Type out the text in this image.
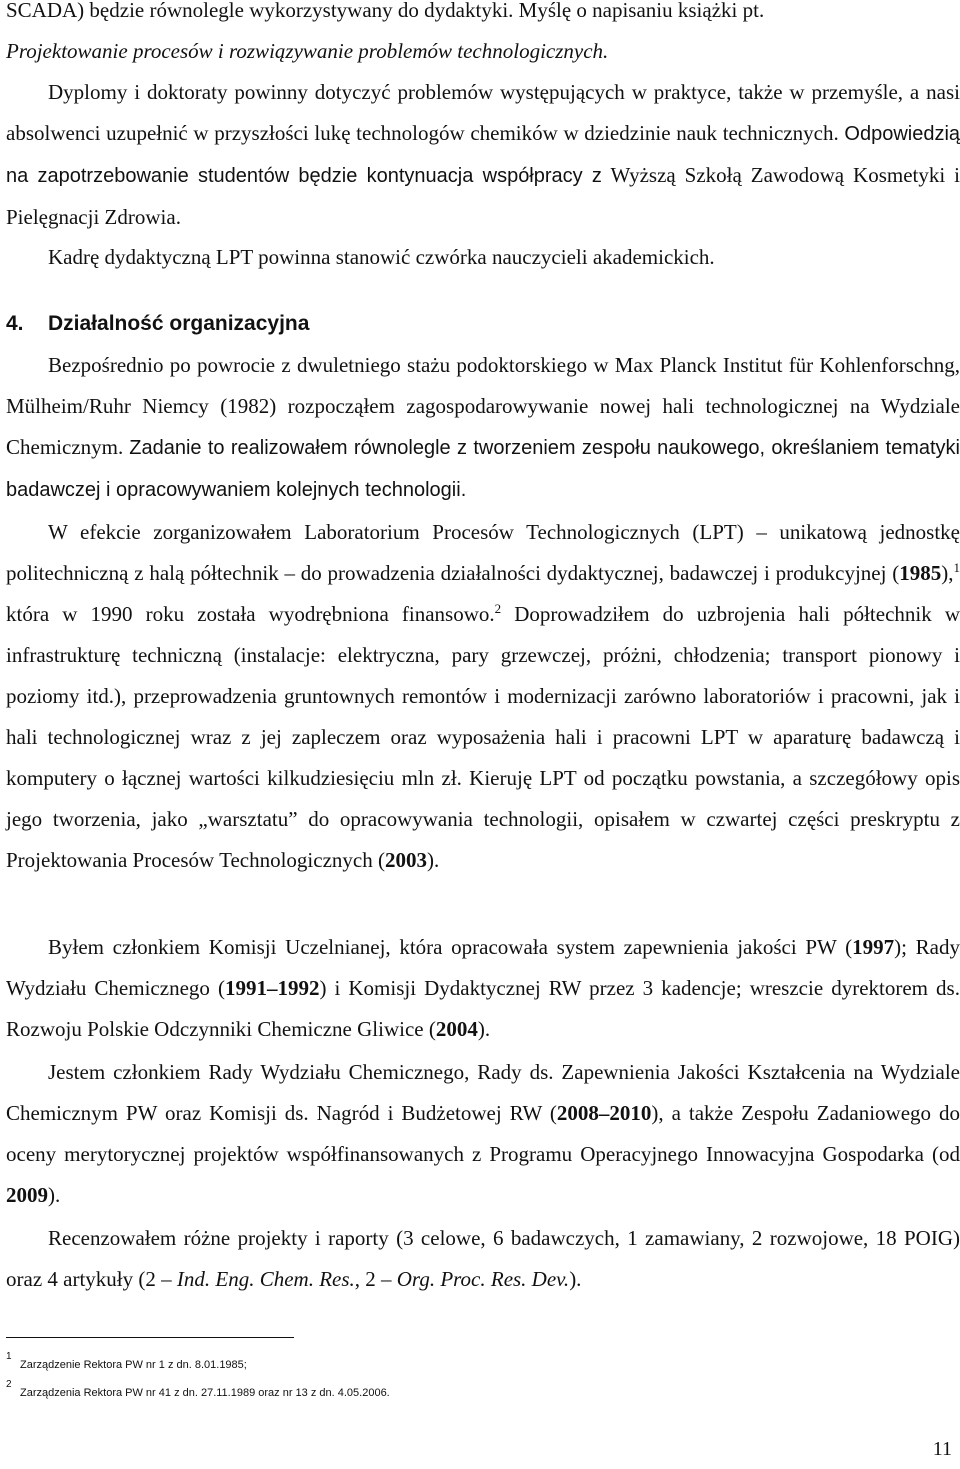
SCADA) będzie równolegle wykorzystywany do dydaktyki. Myślę o napisaniu książki pt.
Projektowanie procesów i rozwiązywanie problemów technologicznych.

Dyplomy i doktoraty powinny dotyczyć problemów występujących w praktyce, także w przemyśle, a nasi absolwenci uzupełnić w przyszłości lukę technologów chemików w dziedzinie nauk technicznych. Odpowiedzią na zapotrzebowanie studentów będzie kontynuacja współpracy z Wyższą Szkołą Zawodową Kosmetyki i Pielęgnacji Zdrowia.

Kadrę dydaktyczną LPT powinna stanowić czwórka nauczycieli akademickich.

4. Działalność organizacyjna

Bezpośrednio po powrocie z dwuletniego stażu podoktorskiego w Max Planck Institut für Kohlenforschng, Mülheim/Ruhr Niemcy (1982) rozpocząłem zagospodarowywanie nowej hali technologicznej na Wydziale Chemicznym. Zadanie to realizowałem równolegle z tworzeniem zespołu naukowego, określaniem tematyki badawczej i opracowywaniem kolejnych technologii.

W efekcie zorganizowałem Laboratorium Procesów Technologicznych (LPT) – unikatową jednostkę politechniczną z halą półtechnik – do prowadzenia działalności dydaktycznej, badawczej i produkcyjnej (1985),$^1$ która w 1990 roku została wyodrębniona finansowo.$^2$ Doprowadziłem do uzbrojenia hali półtechnik w infrastrukturę techniczną (instalacje: elektryczna, pary grzewczej, próżni, chłodzenia; transport pionowy i poziomy itd.), przeprowadzenia gruntownych remontów i modernizacji zarówno laboratoriów i pracowni, jak i hali technologicznej wraz z jej zapleczem oraz wyposażenia hali i pracowni LPT w aparaturę badawczą i komputery o łącznej wartości kilkudziesięciu mln zł. Kieruję LPT od początku powstania, a szczegółowy opis jego tworzenia, jako „warsztatu” do opracowywania technologii, opisałem w czwartej części preskryptu z Projektowania Procesów Technologicznych (2003).

Byłem członkiem Komisji Uczelnianej, która opracowała system zapewnienia jakości PW (1997); Rady Wydziału Chemicznego (1991–1992) i Komisji Dydaktycznej RW przez 3 kadencje; wreszcie dyrektorem ds. Rozwoju Polskie Odczynniki Chemiczne Gliwice (2004).

Jestem członkiem Rady Wydziału Chemicznego, Rady ds. Zapewnienia Jakości Kształcenia na Wydziale Chemicznym PW oraz Komisji ds. Nagród i Budżetowej RW (2008–2010), a także Zespołu Zadaniowego do oceny merytorycznej projektów współfinansowanych z Programu Operacyjnego Innowacyjna Gospodarka (od 2009).

Recenzowałem różne projekty i raporty (3 celowe, 6 badawczych, 1 zamawiany, 2 rozwojowe, 18 POIG) oraz 4 artykuły (2 – Ind. Eng. Chem. Res., 2 – Org. Proc. Res. Dev.).

1
Zarządzenie Rektora PW nr 1 z dn. 8.01.1985;
2
Zarządzenia Rektora PW nr 41 z dn. 27.11.1989 oraz nr 13 z dn. 4.05.2006.
11
